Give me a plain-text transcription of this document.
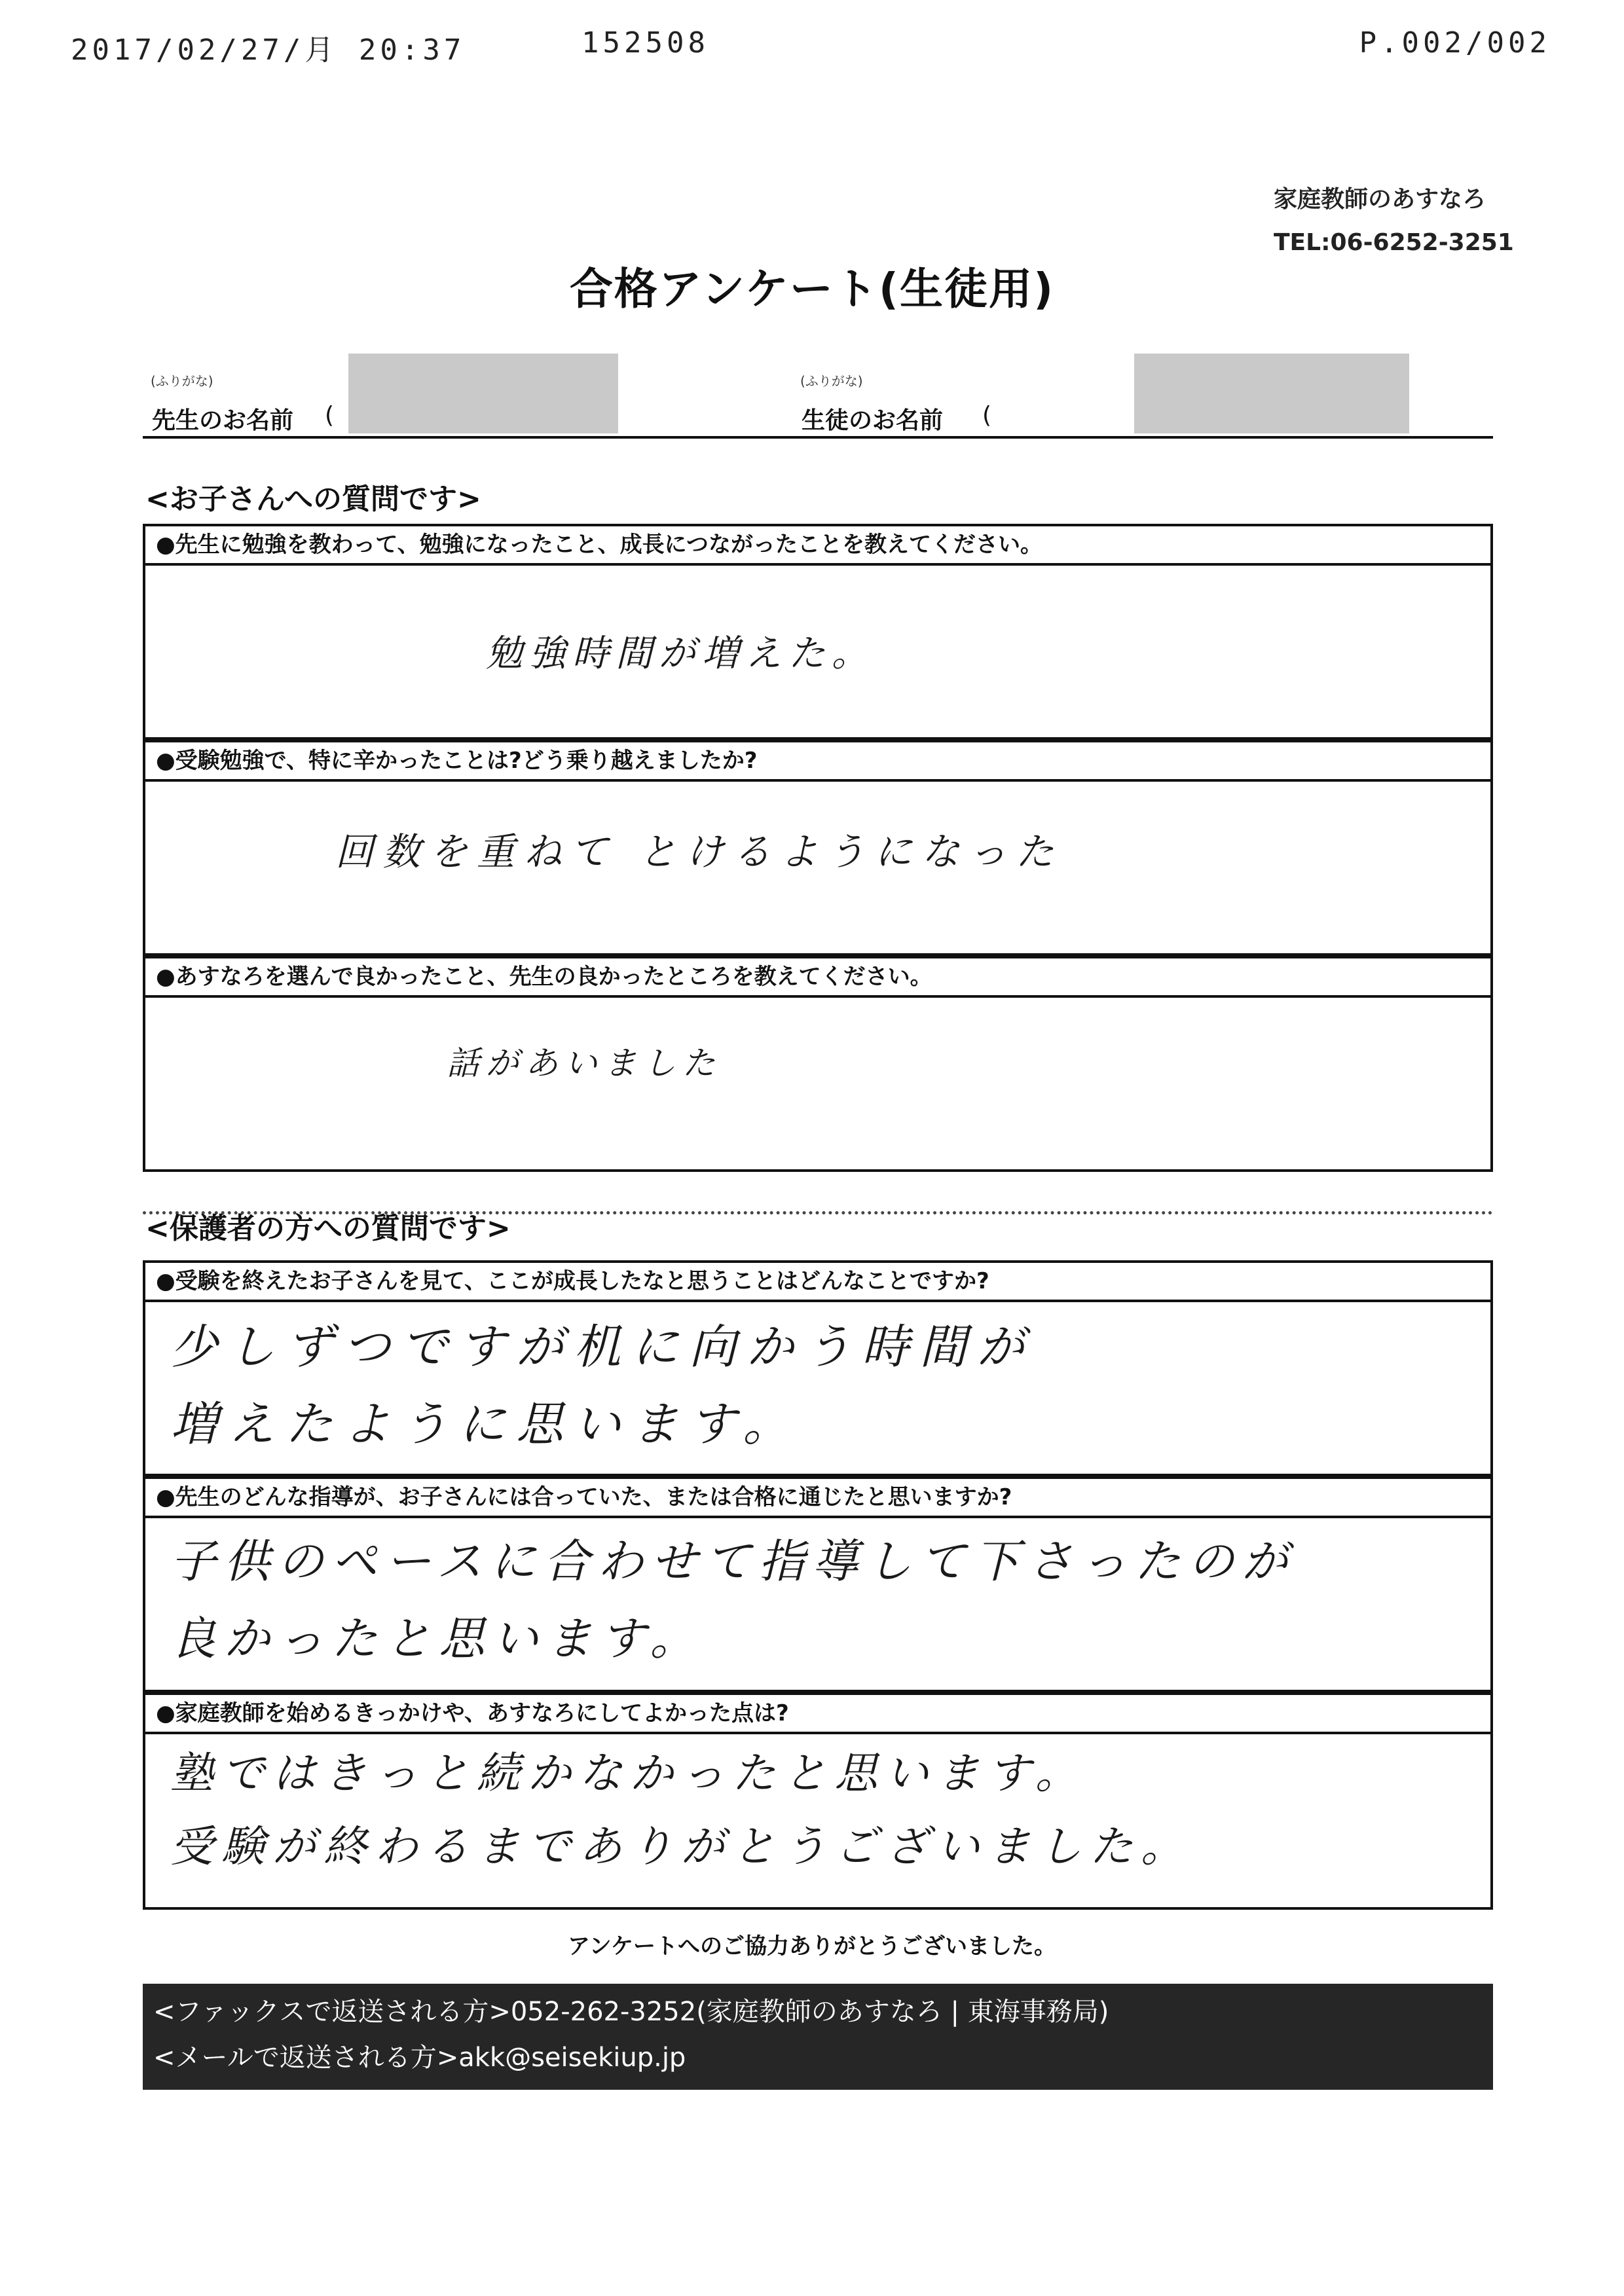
2017/02/27/月 20:37	152508	P.002/002
家庭教師のあすなろ
TEL:06-6252-3251
合格アンケート(生徒用)
(ふりがな)
先生のお名前 (
(ふりがな)
生徒のお名前 (
<お子さんへの質問です>
●先生に勉強を教わって、勉強になったこと、成長につながったことを教えてください。
勉強時間が増えた。
●受験勉強で、特に辛かったことは?どう乗り越えましたか?
回数を重ねて とけるようになった
●あすなろを選んで良かったこと、先生の良かったところを教えてください。
話があいました
<保護者の方への質問です>
●受験を終えたお子さんを見て、ここが成長したなと思うことはどんなことですか?
少しずつですが机に向かう時間が
増えたように思います。
●先生のどんな指導が、お子さんには合っていた、または合格に通じたと思いますか?
子供のペースに合わせて指導して下さったのが
良かったと思います。
●家庭教師を始めるきっかけや、あすなろにしてよかった点は?
塾ではきっと続かなかったと思います。
受験が終わるまでありがとうございました。
アンケートへのご協力ありがとうございました。
<ファックスで返送される方>052-262-3252(家庭教師のあすなろ | 東海事務局)
<メールで返送される方>akk@seisekiup.jp
